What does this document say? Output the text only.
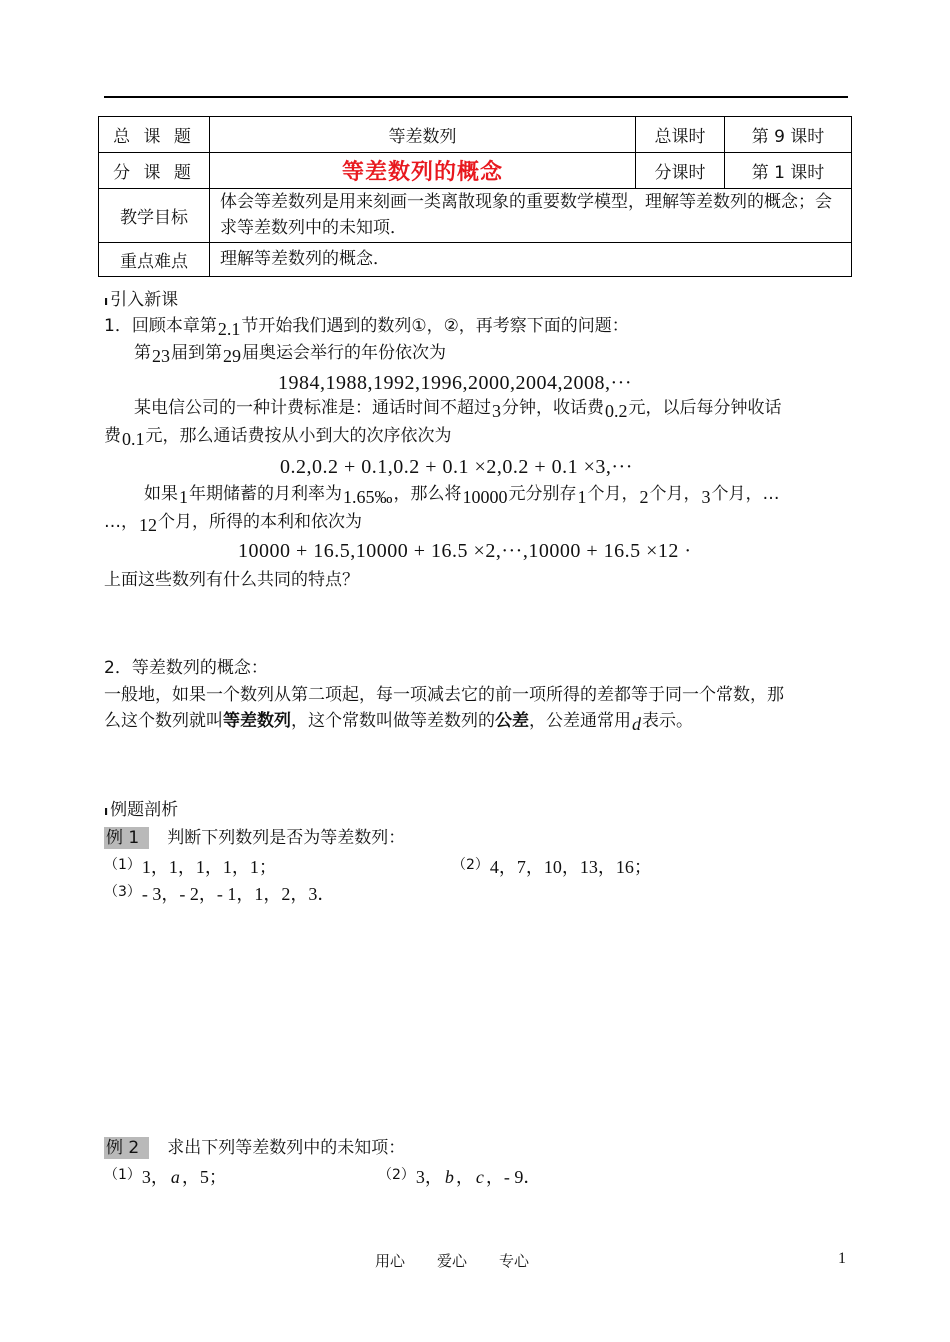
总 课 题	等差数列	总课时	第 9 课时
分 课 题	等差数列的概念	分课时	第 1 课时
教学目标	体会等差数列是用来刻画一类离散现象的重要数学模型，理解等差数列的概念；会求等差数列中的未知项．		
重点难点	理解等差数列的概念．		
ı 引入新课
1．回顾本章第2.1节开始我们遇到的数列①，②，再考察下面的问题：
第23届到第29届奥运会举行的年份依次为
1984,1988,1992,1996,2000,2004,2008,···
某电信公司的一种计费标准是：通话时间不超过3分钟，收话费0.2元，以后每分钟收话
费0.1元，那么通话费按从小到大的次序依次为
0.2,0.2 + 0.1,0.2 + 0.1 ×2,0.2 + 0.1 ×3,···
如果1年期储蓄的月利率为1.65‰，那么将10000元分别存1个月，2个月，3个月，…
…，12个月，所得的本利和依次为
10000 + 16.5,10000 + 16.5 ×2,···,10000 + 16.5 ×12 ·
上面这些数列有什么共同的特点？
2．等差数列的概念：
一般地，如果一个数列从第二项起，每一项减去它的前一项所得的差都等于同一个常数，那
么这个数列就叫等差数列，这个常数叫做等差数列的公差，公差通常用d表示。
ı 例题剖析
例 1 判断下列数列是否为等差数列：
（1）1，1，1，1，1；	（2）4，7，10，13，16；
（3）- 3，- 2，- 1，1，2，3．
例 2 求出下列等差数列中的未知项：
（1）3， a ，5；	（2）3， b ， c ，- 9．
用心 爱心 专心	1
